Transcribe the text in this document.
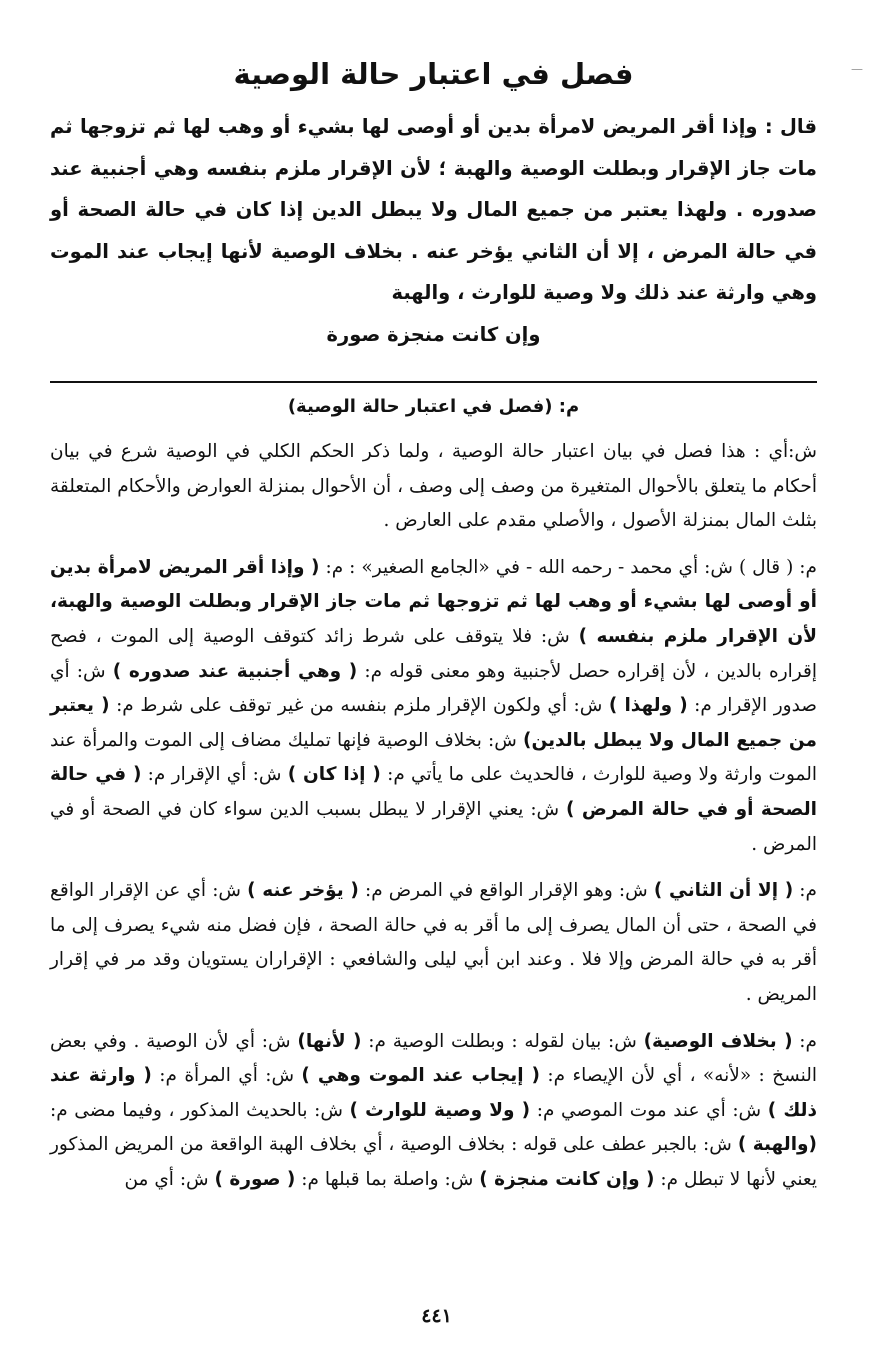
—
فصل في اعتبار حالة الوصية

قال : وإذا أقر المريض لامرأة بدين أو أوصى لها بشيء أو وهب لها ثم تزوجها ثم مات جاز الإقرار وبطلت الوصية والهبة ؛ لأن الإقرار ملزم بنفسه وهي أجنبية عند صدوره . ولهذا يعتبر من جميع المال ولا يبطل الدين إذا كان في حالة الصحة أو في حالة المرض ، إلا أن الثاني يؤخر عنه . بخلاف الوصية لأنها إيجاب عند الموت وهي وارثة عند ذلك ولا وصية للوارث ، والهبة

وإن كانت منجزة صورة

م: (فصل في اعتبار حالة الوصية)

ش:أي : هذا فصل في بيان اعتبار حالة الوصية ، ولما ذكر الحكم الكلي في الوصية شرع في بيان أحكام ما يتعلق بالأحوال المتغيرة من وصف إلى وصف ، أن الأحوال بمنزلة العوارض والأحكام المتعلقة بثلث المال بمنزلة الأصول ، والأصلي مقدم على العارض .

م: ( قال ) ش: أي محمد - رحمه الله - في «الجامع الصغير» : م: ( وإذا أقر المريض لامرأة بدين أو أوصى لها بشيء أو وهب لها ثم تزوجها ثم مات جاز الإقرار وبطلت الوصية والهبة، لأن الإقرار ملزم بنفسه ) ش: فلا يتوقف على شرط زائد كتوقف الوصية إلى الموت ، فصح إقراره بالدين ، لأن إقراره حصل لأجنبية وهو معنى قوله م: ( وهي أجنبية عند صدوره ) ش: أي صدور الإقرار م: ( ولهذا ) ش: أي ولكون الإقرار ملزم بنفسه من غير توقف على شرط م: ( يعتبر من جميع المال ولا يبطل بالدين) ش: بخلاف الوصية فإنها تمليك مضاف إلى الموت والمرأة عند الموت وارثة ولا وصية للوارث ، فالحديث على ما يأتي م: ( إذا كان ) ش: أي الإقرار م: ( في حالة الصحة أو في حالة المرض ) ش: يعني الإقرار لا يبطل بسبب الدين سواء كان في الصحة أو في المرض .

م: ( إلا أن الثاني ) ش: وهو الإقرار الواقع في المرض م: ( يؤخر عنه ) ش: أي عن الإقرار الواقع في الصحة ، حتى أن المال يصرف إلى ما أقر به في حالة الصحة ، فإن فضل منه شيء يصرف إلى ما أقر به في حالة المرض وإلا فلا . وعند ابن أبي ليلى والشافعي : الإقراران يستويان وقد مر في إقرار المريض .

م: ( بخلاف الوصية) ش: بيان لقوله : وبطلت الوصية م: ( لأنها) ش: أي لأن الوصية . وفي بعض النسخ : «لأنه» ، أي لأن الإيصاء م: ( إيجاب عند الموت وهي ) ش: أي المرأة م: ( وارثة عند ذلك ) ش: أي عند موت الموصي م: ( ولا وصية للوارث ) ش: بالحديث المذكور ، وفيما مضى م: (والهبة ) ش: بالجبر عطف على قوله : بخلاف الوصية ، أي بخلاف الهبة الواقعة من المريض المذكور يعني لأنها لا تبطل م: ( وإن كانت منجزة ) ش: واصلة بما قبلها م: ( صورة ) ش: أي من

٤٤١
